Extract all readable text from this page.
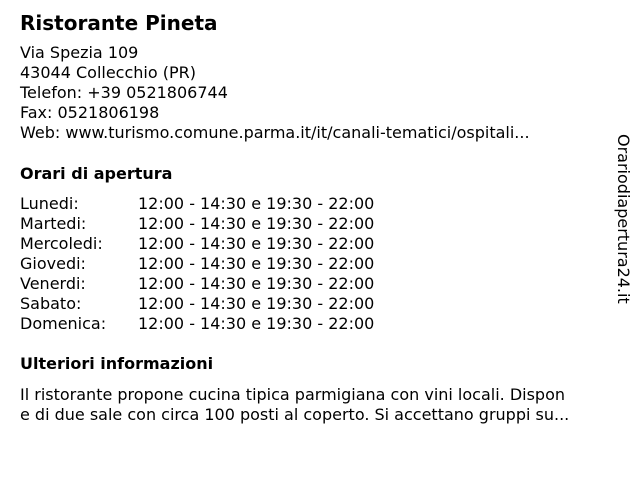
Ristorante Pineta
Via Spezia 109
43044 Collecchio (PR)
Telefon: +39 0521806744
Fax: 0521806198
Web: www.turismo.comune.parma.it/it/canali-tematici/ospitali...
Orari di apertura
Lunedi:	12:00 - 14:30 e 19:30 - 22:00
Martedi:	12:00 - 14:30 e 19:30 - 22:00
Mercoledi: 12:00 - 14:30 e 19:30 - 22:00
Giovedi:	12:00 - 14:30 e 19:30 - 22:00
Venerdi:	12:00 - 14:30 e 19:30 - 22:00
Sabato:	12:00 - 14:30 e 19:30 - 22:00
Domenica: 12:00 - 14:30 e 19:30 - 22:00
Ulteriori informazioni
Il ristorante propone cucina tipica parmigiana con vini locali. Dispon
e di due sale con circa 100 posti al coperto. Si accettano gruppi su...
Orariodiapertura24.it
